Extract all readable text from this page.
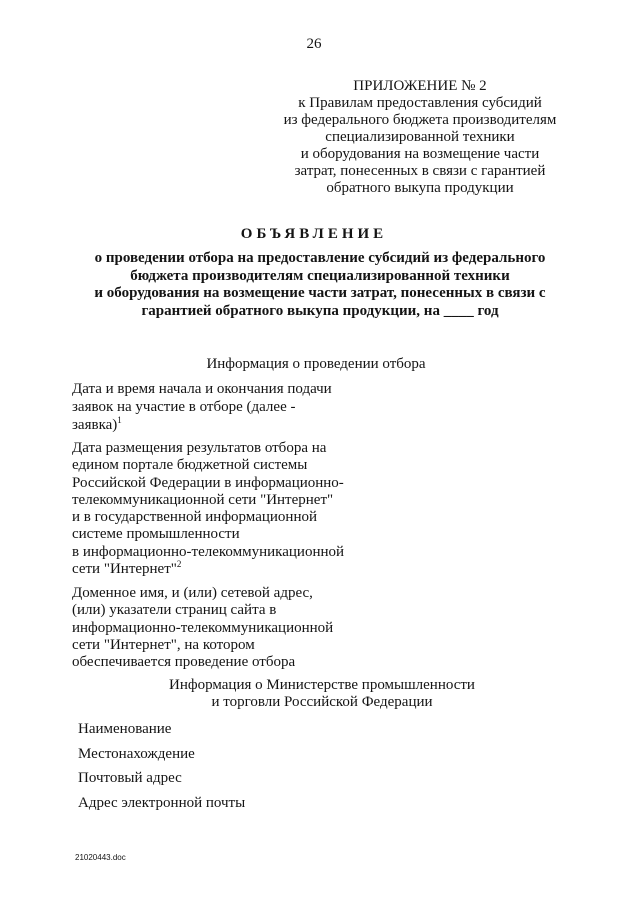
26
ПРИЛОЖЕНИЕ № 2
к Правилам предоставления субсидий
из федерального бюджета производителям
специализированной техники
и оборудования на возмещение части
затрат, понесенных в связи с гарантией
обратного выкупа продукции
ОБЪЯВЛЕНИЕ
о проведении отбора на предоставление субсидий из федерального
бюджета производителям специализированной техники
и оборудования на возмещение части затрат, понесенных в связи с
гарантией обратного выкупа продукции, на ____ год
Информация о проведении отбора
Дата и время начала и окончания подачи
заявок на участие в отборе (далее -
заявка)$^1$
Дата размещения результатов отбора на
едином портале бюджетной системы
Российской Федерации в информационно-
телекоммуникационной сети "Интернет"
и в государственной информационной
системе промышленности
в информационно-телекоммуникационной
сети "Интернет"$^2$
Доменное имя, и (или) сетевой адрес,
(или) указатели страниц сайта в
информационно-телекоммуникационной
сети "Интернет", на котором
обеспечивается проведение отбора
Информация о Министерстве промышленности
и торговли Российской Федерации
Наименование
Местонахождение
Почтовый адрес
Адрес электронной почты
21020443.doc
